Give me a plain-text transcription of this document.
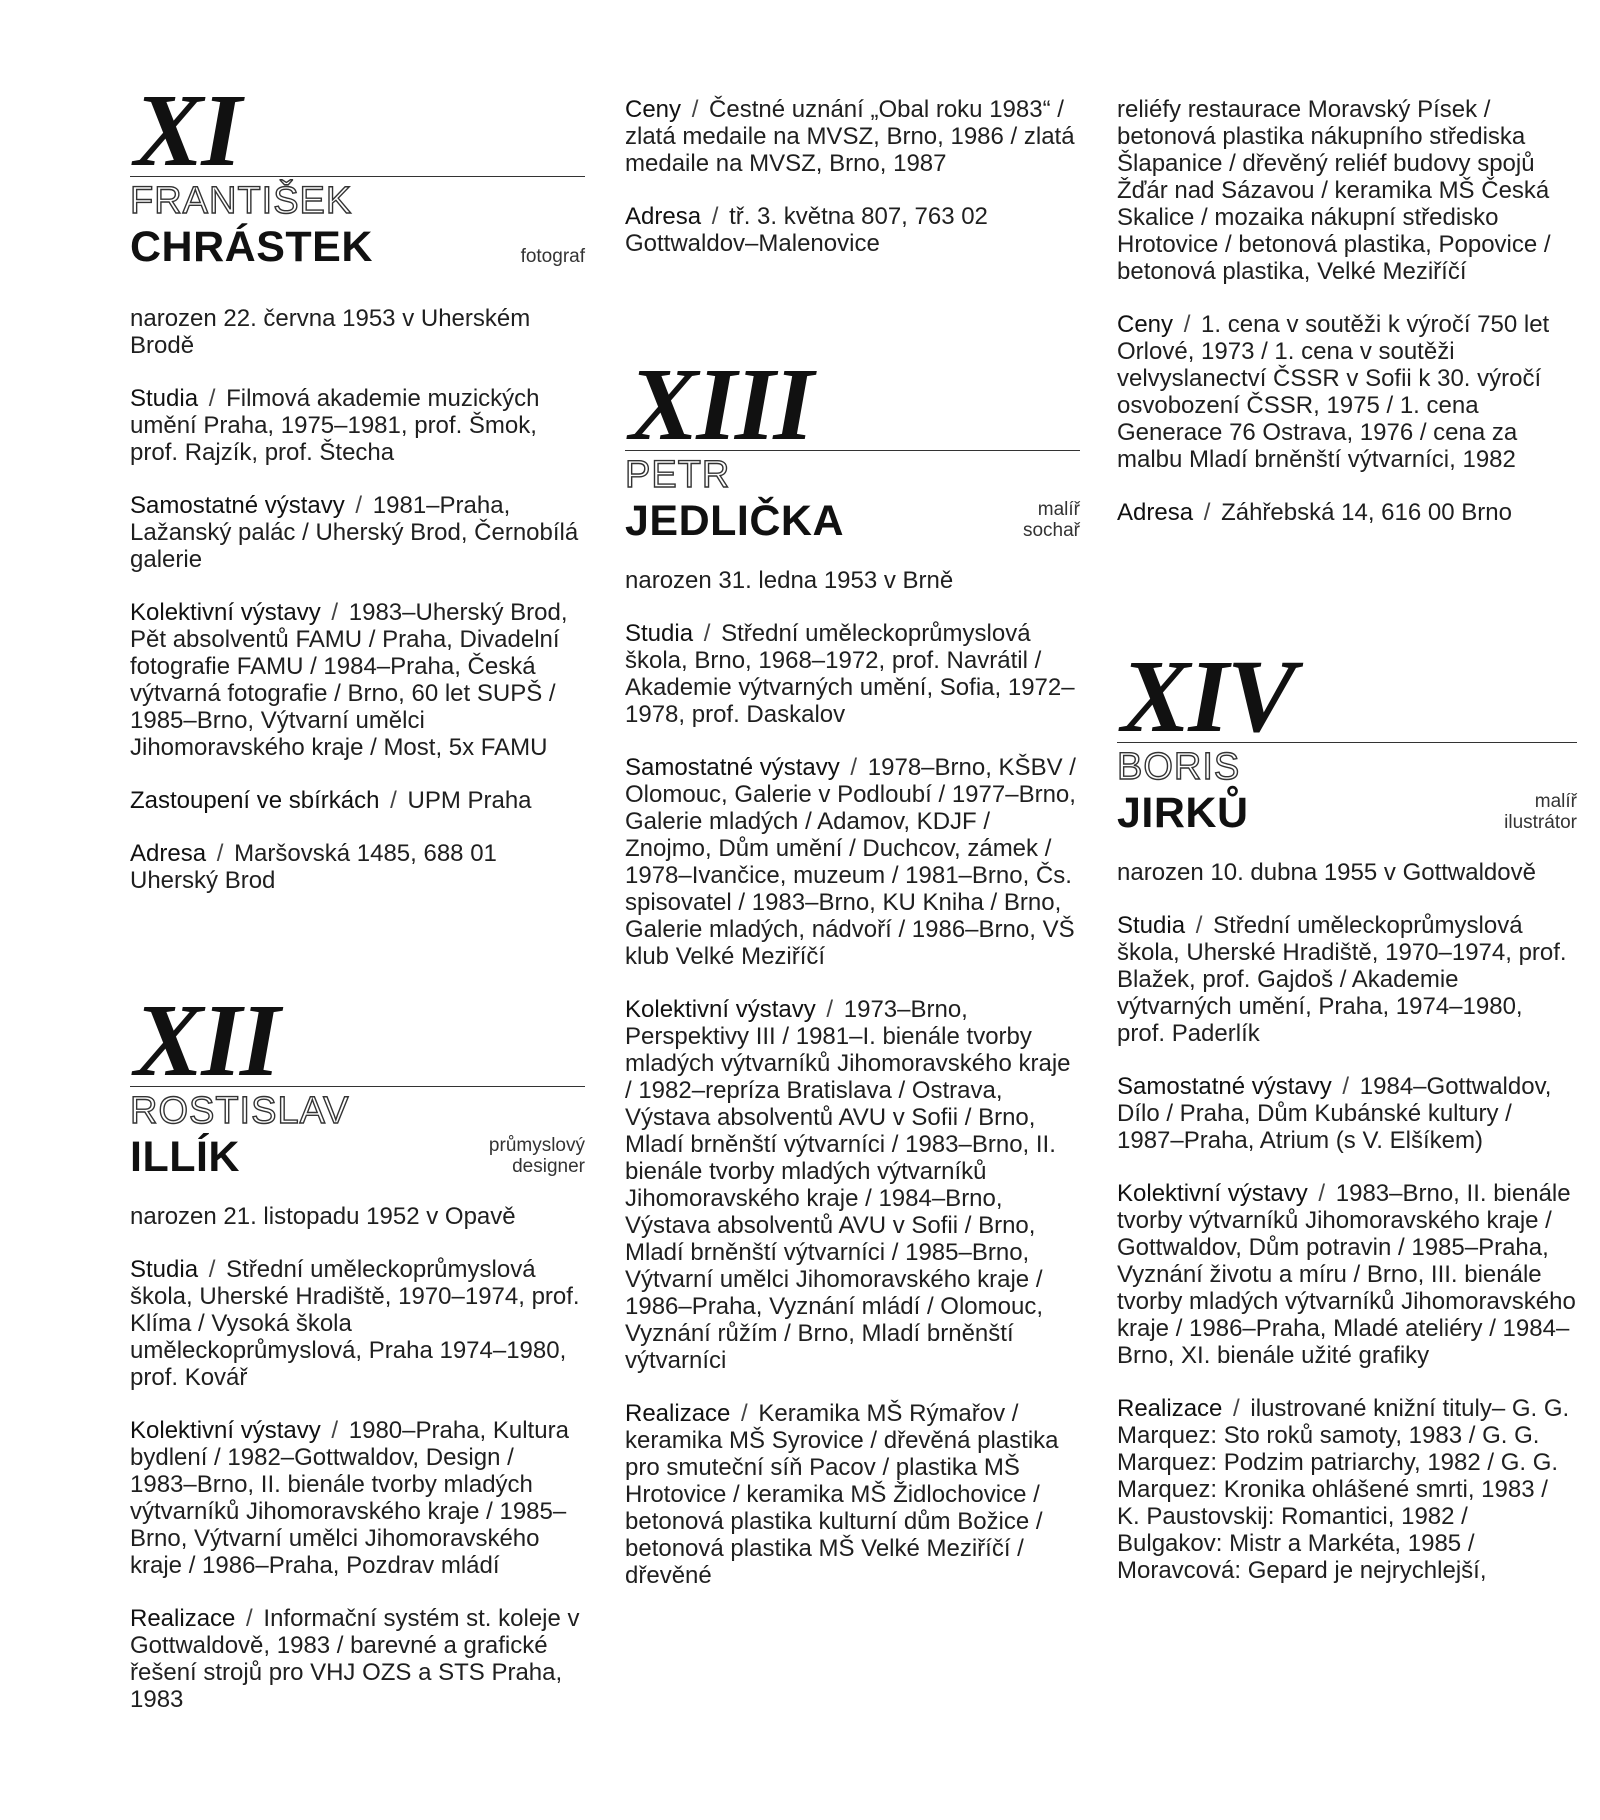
XI
FRANTIŠEK
CHRÁSTEK	fotograf
narozen 22. června 1953 v Uherském Brodě
Studia / Filmová akademie muzických umění Praha, 1975–1981, prof. Šmok, prof. Rajzík, prof. Štecha
Samostatné výstavy / 1981–Praha, Lažanský palác / Uherský Brod, Černobílá galerie
Kolektivní výstavy / 1983–Uherský Brod, Pět absolventů FAMU / Praha, Divadelní fotografie FAMU / 1984–Praha, Česká výtvarná fotografie / Brno, 60 let SUPŠ / 1985–Brno, Výtvarní umělci Jihomoravského kraje / Most, 5x FAMU
Zastoupení ve sbírkách / UPM Praha
Adresa / Maršovská 1485, 688 01 Uherský Brod
XII
ROSTISLAV
ILLÍK	průmyslový
designer
narozen 21. listopadu 1952 v Opavě
Studia / Střední uměleckoprůmyslová škola, Uherské Hradiště, 1970–1974, prof. Klíma / Vysoká škola uměleckoprůmyslová, Praha 1974–1980, prof. Kovář
Kolektivní výstavy / 1980–Praha, Kultura bydlení / 1982–Gottwaldov, Design / 1983–Brno, II. bienále tvorby mladých výtvarníků Jihomoravského kraje / 1985–Brno, Výtvarní umělci Jihomoravského kraje / 1986–Praha, Pozdrav mládí
Realizace / Informační systém st. koleje v Gottwaldově, 1983 / barevné a grafické řešení strojů pro VHJ OZS a STS Praha, 1983
Ceny / Čestné uznání „Obal roku 1983“ / zlatá medaile na MVSZ, Brno, 1986 / zlatá medaile na MVSZ, Brno, 1987
Adresa / tř. 3. května 807, 763 02 Gottwaldov–Malenovice
XIII
PETR
JEDLIČKA	malíř
sochař
narozen 31. ledna 1953 v Brně
Studia / Střední uměleckoprůmyslová škola, Brno, 1968–1972, prof. Navrátil / Akademie výtvarných umění, Sofia, 1972–1978, prof. Daskalov
Samostatné výstavy / 1978–Brno, KŠBV / Olomouc, Galerie v Podloubí / 1977–Brno, Galerie mladých / Adamov, KDJF / Znojmo, Dům umění / Duchcov, zámek / 1978–Ivančice, muzeum / 1981–Brno, Čs. spisovatel / 1983–Brno, KU Kniha / Brno, Galerie mladých, nádvoří / 1986–Brno, VŠ klub Velké Meziříčí
Kolektivní výstavy / 1973–Brno, Perspektivy III / 1981–I. bienále tvorby mladých výtvarníků Jihomoravského kraje / 1982–repríza Bratislava / Ostrava, Výstava absolventů AVU v Sofii / Brno, Mladí brněnští výtvarníci / 1983–Brno, II. bienále tvorby mladých výtvarníků Jihomoravského kraje / 1984–Brno, Výstava absolventů AVU v Sofii / Brno, Mladí brněnští výtvarníci / 1985–Brno, Výtvarní umělci Jihomoravského kraje / 1986–Praha, Vyznání mládí / Olomouc, Vyznání růžím / Brno, Mladí brněnští výtvarníci
Realizace / Keramika MŠ Rýmařov / keramika MŠ Syrovice / dřevěná plastika pro smuteční síň Pacov / plastika MŠ Hrotovice / keramika MŠ Židlochovice / betonová plastika kulturní dům Božice / betonová plastika MŠ Velké Meziříčí / dřevěné
reliéfy restaurace Moravský Písek / betonová plastika nákupního střediska Šlapanice / dřevěný reliéf budovy spojů Žďár nad Sázavou / keramika MŠ Česká Skalice / mozaika nákupní středisko Hrotovice / betonová plastika, Popovice / betonová plastika, Velké Meziříčí
Ceny / 1. cena v soutěži k výročí 750 let Orlové, 1973 / 1. cena v soutěži velvyslanectví ČSSR v Sofii k 30. výročí osvobození ČSSR, 1975 / 1. cena Generace 76 Ostrava, 1976 / cena za malbu Mladí brněnští výtvarníci, 1982
Adresa / Záhřebská 14, 616 00 Brno
XIV
BORIS
JIRKŮ	malíř
ilustrátor
narozen 10. dubna 1955 v Gottwaldově
Studia / Střední uměleckoprůmyslová škola, Uherské Hradiště, 1970–1974, prof. Blažek, prof. Gajdoš / Akademie výtvarných umění, Praha, 1974–1980, prof. Paderlík
Samostatné výstavy / 1984–Gottwaldov, Dílo / Praha, Dům Kubánské kultury / 1987–Praha, Atrium (s V. Elšíkem)
Kolektivní výstavy / 1983–Brno, II. bienále tvorby výtvarníků Jihomoravského kraje / Gottwaldov, Dům potravin / 1985–Praha, Vyznání životu a míru / Brno, III. bienále tvorby mladých výtvarníků Jihomoravského kraje / 1986–Praha, Mladé ateliéry / 1984–Brno, XI. bienále užité grafiky
Realizace / ilustrované knižní tituly– G. G. Marquez: Sto roků samoty, 1983 / G. G. Marquez: Podzim patriarchy, 1982 / G. G. Marquez: Kronika ohlášené smrti, 1983 / K. Paustovskij: Romantici, 1982 / Bulgakov: Mistr a Markéta, 1985 / Moravcová: Gepard je nejrychlejší,
